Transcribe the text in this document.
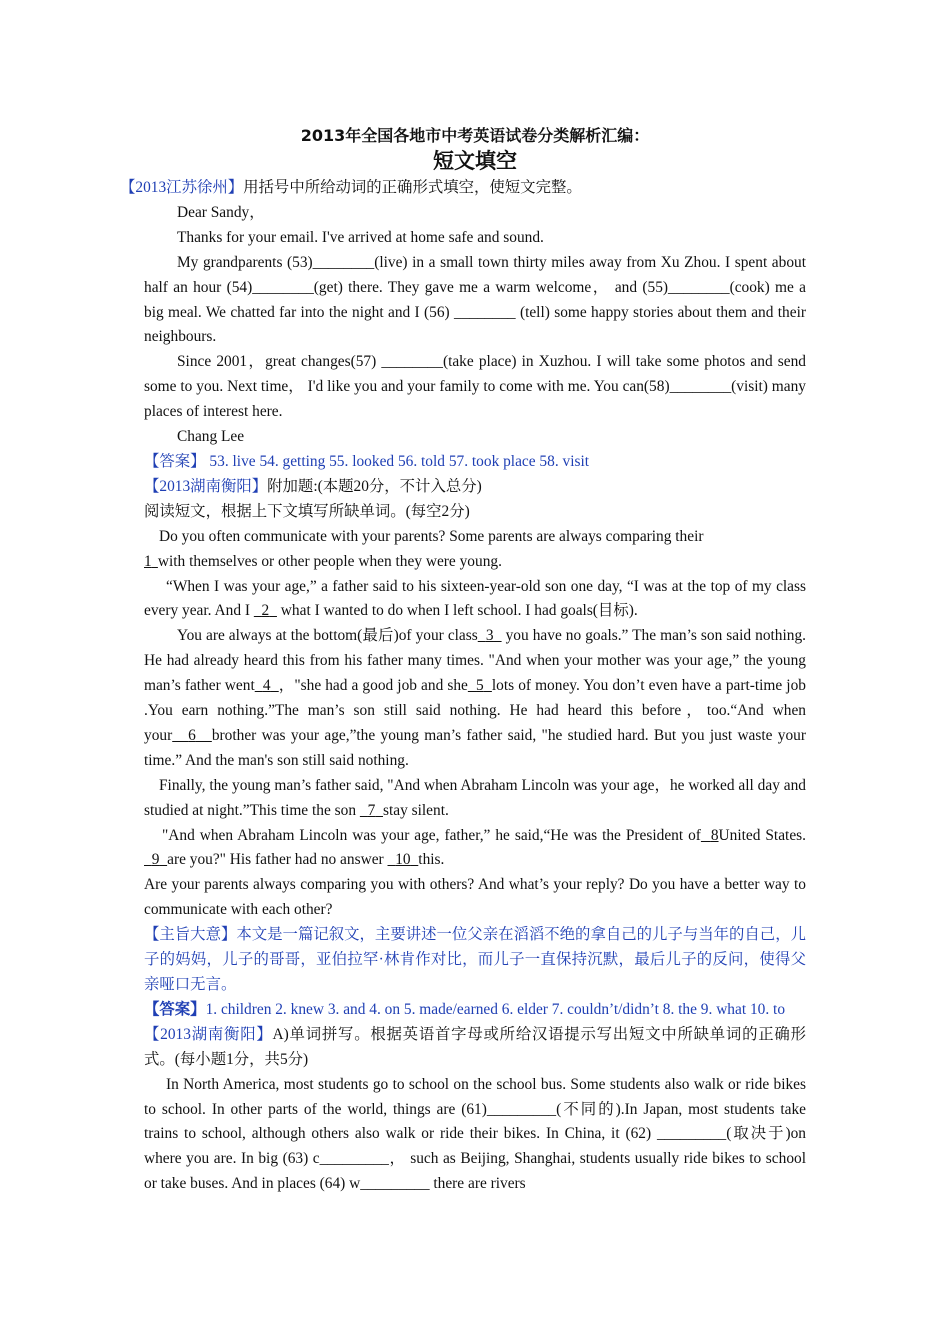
2013年全国各地市中考英语试卷分类解析汇编：
短文填空

【2013江苏徐州】用括号中所给动词的正确形式填空，使短文完整。

Dear Sandy，

Thanks for your email. I've arrived at home safe and sound.

My grandparents (53)________(live) in a small town thirty miles away from Xu Zhou. I spent about half an hour (54)________(get) there. They gave me a warm welcome， and (55)________(cook) me a big meal. We chatted far into the night and I (56) ________ (tell) some happy stories about them and their neighbours.

Since 2001，great changes(57) ________(take place) in Xuzhou. I will take some photos and send some to you. Next time， I'd like you and your family to come with me. You can(58)________(visit) many places of interest here.

Chang Lee

【答案】 53. live 54. getting 55. looked 56. told 57. took place 58. visit

【2013湖南衡阳】附加题:(本题20分，不计入总分)

阅读短文，根据上下文填写所缺单词。(每空2分)

Do you often communicate with your parents? Some parents are always comparing their
1   with themselves or other people when they were young.

“When I was your age,” a father said to his sixteen-year-old son one day, “I was at the top of my class every year. And I   2   what I wanted to do when I left school. I had goals(目标).

You are always at the bottom(最后)of your class 3   you have no goals.” The man’s son said nothing. He had already heard this from his father many times. "And when your mother was your age,” the young man’s father went 4 ，"she had a good job and she 5 lots of money. You don’t even have a part-time job .You earn nothing.”The man’s son still said nothing. He had heard this before，too.“And when your 6 brother was your age,”the young man’s father said, "he studied hard. But you just waste your time.” And the man's son still said nothing.

Finally, the young man’s father said, "And when Abraham Lincoln was your age，he worked all day and studied at night.”This time the son   7 stay silent.

"And when Abraham Lincoln was your age, father,” he said,“He was the President of 8United States.   9 are you?" His father had no answer   10 this.

Are your parents always comparing you with others? And what’s your reply? Do you have a better way to communicate with each other?

【主旨大意】本文是一篇记叙文，主要讲述一位父亲在滔滔不绝的拿自己的儿子与当年的自己，儿子的妈妈，儿子的哥哥，亚伯拉罕·林肯作对比，而儿子一直保持沉默，最后儿子的反问，使得父亲哑口无言。

【答案】1. children 2. knew 3. and 4. on 5. made/earned 6. elder 7. couldn’t/didn’t 8. the 9. what 10. to

【2013湖南衡阳】A)单词拼写。根据英语首字母或所给汉语提示写出短文中所缺单词的正确形式。(每小题1分，共5分)

In North America, most students go to school on the school bus. Some students also walk or ride bikes to school. In other parts of the world, things are (61)_________(不同的).In Japan, most students take trains to school, although others also walk or ride their bikes. In China, it (62) _________(取决于)on where you are. In big (63) c_________， such as Beijing, Shanghai, students usually ride bikes to school or take buses. And in places (64) w_________ there are rivers
